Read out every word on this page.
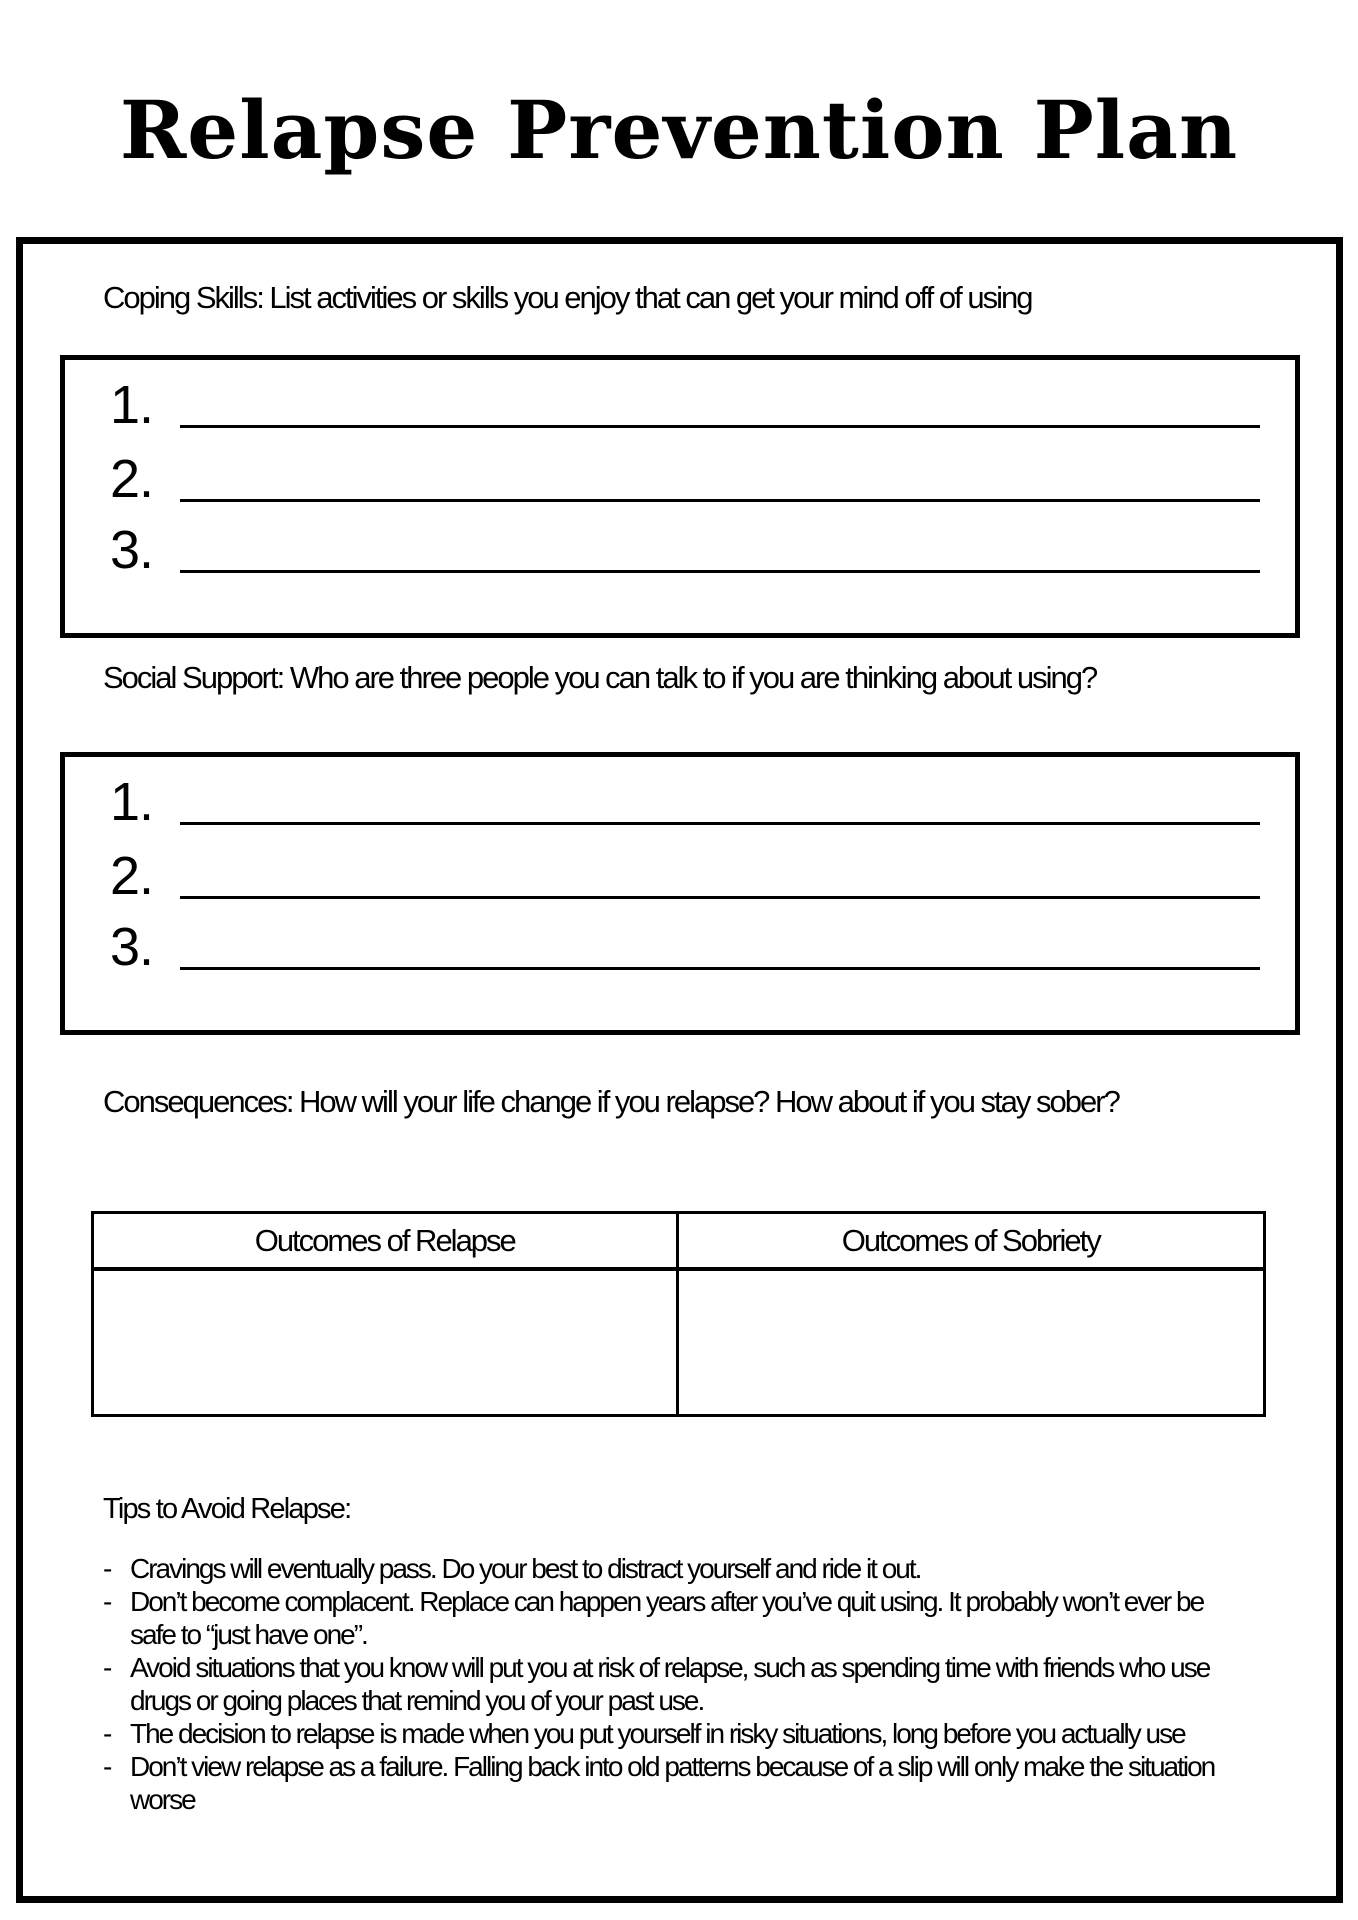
Relapse Prevention Plan
Coping Skills: List activities or skills you enjoy that can get your mind off of using
1.
2.
3.
Social Support: Who are three people you can talk to if you are thinking about using?
1.
2.
3.
Consequences: How will your life change if you relapse? How about if you stay sober?
Outcomes of Relapse	Outcomes of Sobriety
Tips to Avoid Relapse:
- Cravings will eventually pass. Do your best to distract yourself and ride it out.
- Don’t become complacent. Replace can happen years after you’ve quit using. It probably won’t ever be safe to “just have one”.
- Avoid situations that you know will put you at risk of relapse, such as spending time with friends who use drugs or going places that remind you of your past use.
- The decision to relapse is made when you put yourself in risky situations, long before you actually use
- Don’t view relapse as a failure. Falling back into old patterns because of a slip will only make the situation worse
